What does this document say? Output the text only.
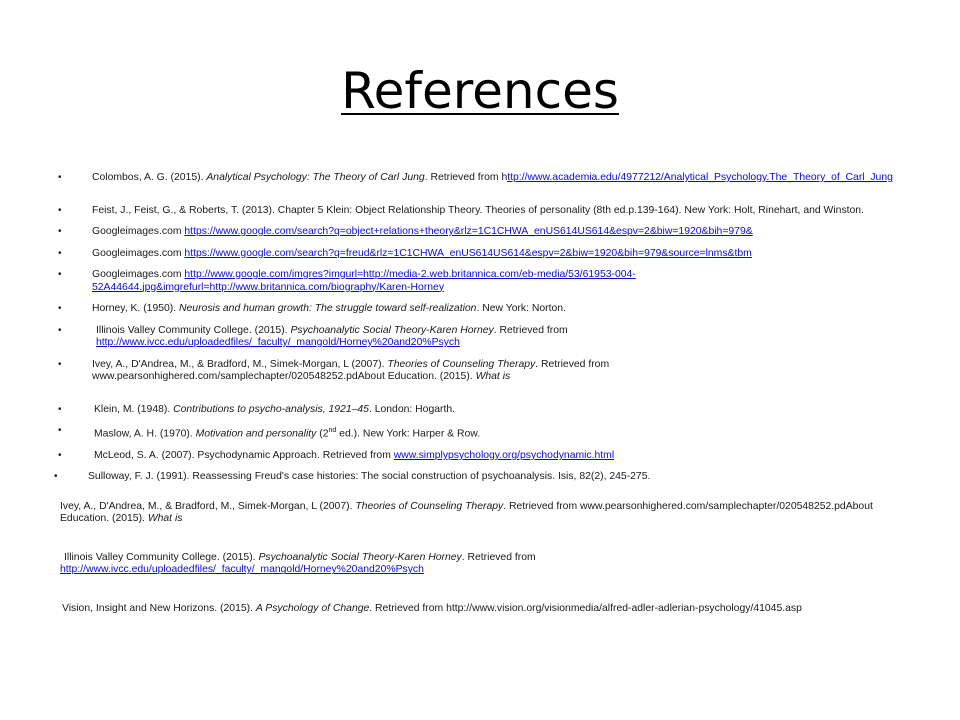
References
•	Colombos, A. G. (2015). Analytical Psychology: The Theory of Carl Jung. Retrieved from http://www.academia.edu/4977212/Analytical_Psychology.The_Theory_of_Carl_Jung
•	Feist, J., Feist, G., & Roberts, T. (2013). Chapter 5 Klein: Object Relationship Theory. Theories of personality (8th ed.p.139-164). New York: Holt, Rinehart, and Winston.
•	Googleimages.com https://www.google.com/search?q=object+relations+theory&rlz=1C1CHWA_enUS614US614&espv=2&biw=1920&bih=979&
•	Googleimages.com https://www.google.com/search?q=freud&rlz=1C1CHWA_enUS614US614&espv=2&biw=1920&bih=979&source=lnms&tbm
•	Googleimages.com http://www.google.com/imgres?imgurl=http://media-2.web.britannica.com/eb-media/53/61953-004-52A44644.jpg&imgrefurl=http://www.britannica.com/biography/Karen-Horney
•	Horney, K. (1950). Neurosis and human growth: The struggle toward self-realization. New York: Norton.
•	Illinois Valley Community College. (2015). Psychoanalytic Social Theory-Karen Horney. Retrieved from http://www.ivcc.edu/uploadedfiles/_faculty/_mangold/Horney%20and20%Psych
•	Ivey, A., D'Andrea, M., & Bradford, M., Simek-Morgan, L (2007). Theories of Counseling Therapy. Retrieved from www.pearsonhighered.com/samplechapter/020548252.pdAbout Education. (2015). What is
•	Klein, M. (1948). Contributions to psycho-analysis, 1921–45. London: Hogarth.
•	Maslow, A. H. (1970). Motivation and personality (2nd ed.). New York: Harper & Row.
•	McLeod, S. A. (2007). Psychodynamic Approach. Retrieved from www.simplypsychology.org/psychodynamic.html
•	Sulloway, F. J. (1991). Reassessing Freud's case histories: The social construction of psychoanalysis. Isis, 82(2), 245-275.

Ivey, A., D'Andrea, M., & Bradford, M., Simek-Morgan, L (2007). Theories of Counseling Therapy. Retrieved from www.pearsonhighered.com/samplechapter/020548252.pdAbout Education. (2015). What is

Illinois Valley Community College. (2015). Psychoanalytic Social Theory-Karen Horney. Retrieved from
http://www.ivcc.edu/uploadedfiles/_faculty/_mangold/Horney%20and20%Psych

Vision, Insight and New Horizons. (2015). A Psychology of Change. Retrieved from http://www.vision.org/visionmedia/alfred-adler-adlerian-psychology/41045.asp
